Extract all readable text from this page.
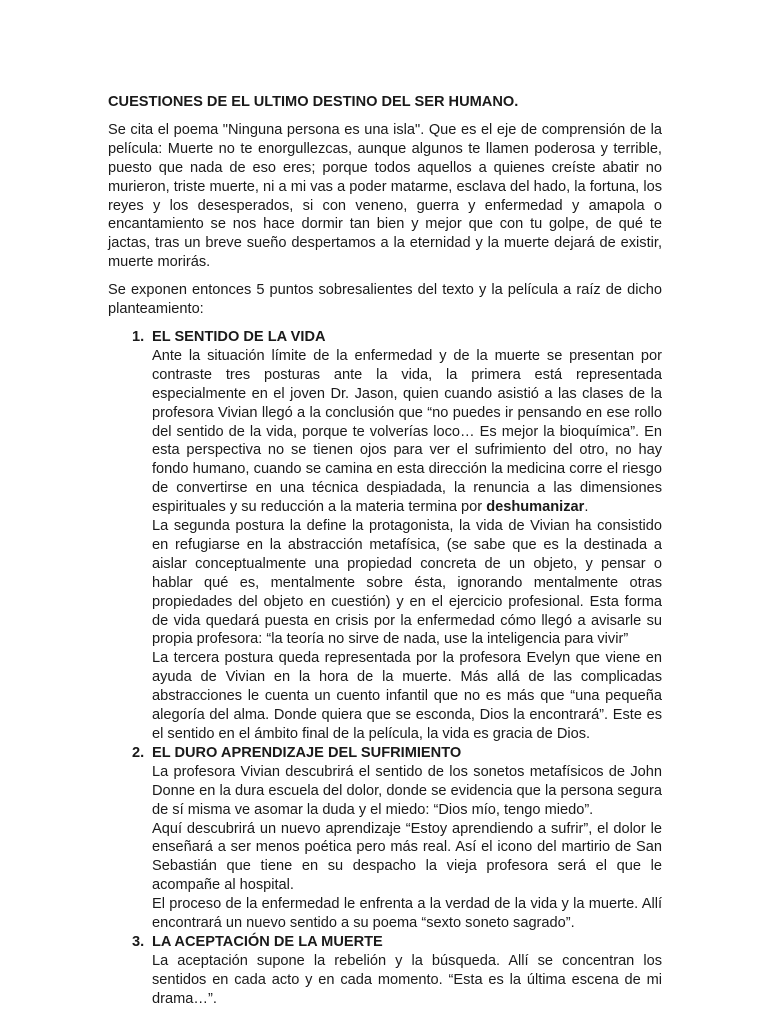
CUESTIONES DE EL ULTIMO DESTINO DEL SER HUMANO.

Se cita el poema "Ninguna persona es una isla". Que es el eje de comprensión de la película: Muerte no te enorgullezcas, aunque algunos te llamen poderosa y terrible, puesto que nada de eso eres; porque todos aquellos a quienes creíste abatir no murieron, triste muerte, ni a mi vas a poder matarme, esclava del hado, la fortuna, los reyes y los desesperados, si con veneno, guerra y enfermedad y amapola o encantamiento se nos hace dormir tan bien y mejor que con tu golpe, de qué te jactas, tras un breve sueño despertamos a la eternidad y la muerte dejará de existir, muerte morirás.

Se exponen entonces 5 puntos sobresalientes del texto y la película a raíz de dicho planteamiento:

1. EL SENTIDO DE LA VIDA

Ante la situación límite de la enfermedad y de la muerte se presentan por contraste tres posturas ante la vida, la primera está representada especialmente en el joven Dr. Jason, quien cuando asistió a las clases de la profesora Vivian llegó a la conclusión que “no puedes ir pensando en ese rollo del sentido de la vida, porque te volverías loco… Es mejor la bioquímica”. En esta perspectiva no se tienen ojos para ver el sufrimiento del otro, no hay fondo humano, cuando se camina en esta dirección la medicina corre el riesgo de convertirse en una técnica despiadada, la renuncia a las dimensiones espirituales y su reducción a la materia termina por deshumanizar.

La segunda postura la define la protagonista, la vida de Vivian ha consistido en refugiarse en la abstracción metafísica, (se sabe que es la destinada a aislar conceptualmente una propiedad concreta de un objeto, y pensar o hablar qué es, mentalmente sobre ésta, ignorando mentalmente otras propiedades del objeto en cuestión) y en el ejercicio profesional. Esta forma de vida quedará puesta en crisis por la enfermedad cómo llegó a avisarle su propia profesora: “la teoría no sirve de nada, use la inteligencia para vivir”

La tercera postura queda representada por la profesora Evelyn que viene en ayuda de Vivian en la hora de la muerte. Más allá de las complicadas abstracciones le cuenta un cuento infantil que no es más que “una pequeña alegoría del alma. Donde quiera que se esconda, Dios la encontrará”. Este es el sentido en el ámbito final de la película, la vida es gracia de Dios.

2. EL DURO APRENDIZAJE DEL SUFRIMIENTO

La profesora Vivian descubrirá el sentido de los sonetos metafísicos de John Donne en la dura escuela del dolor, donde se evidencia que la persona segura de sí misma ve asomar la duda y el miedo: “Dios mío, tengo miedo”.

Aquí descubrirá un nuevo aprendizaje “Estoy aprendiendo a sufrir”, el dolor le enseñará a ser menos poética pero más real. Así el icono del martirio de San Sebastián que tiene en su despacho la vieja profesora será el que le acompañe al hospital.

El proceso de la enfermedad le enfrenta a la verdad de la vida y la muerte. Allí encontrará un nuevo sentido a su poema “sexto soneto sagrado”.

3. LA ACEPTACIÓN DE LA MUERTE

La aceptación supone la rebelión y la búsqueda. Allí se concentran los sentidos en cada acto y en cada momento. “Esta es la última escena de mi drama…”.
